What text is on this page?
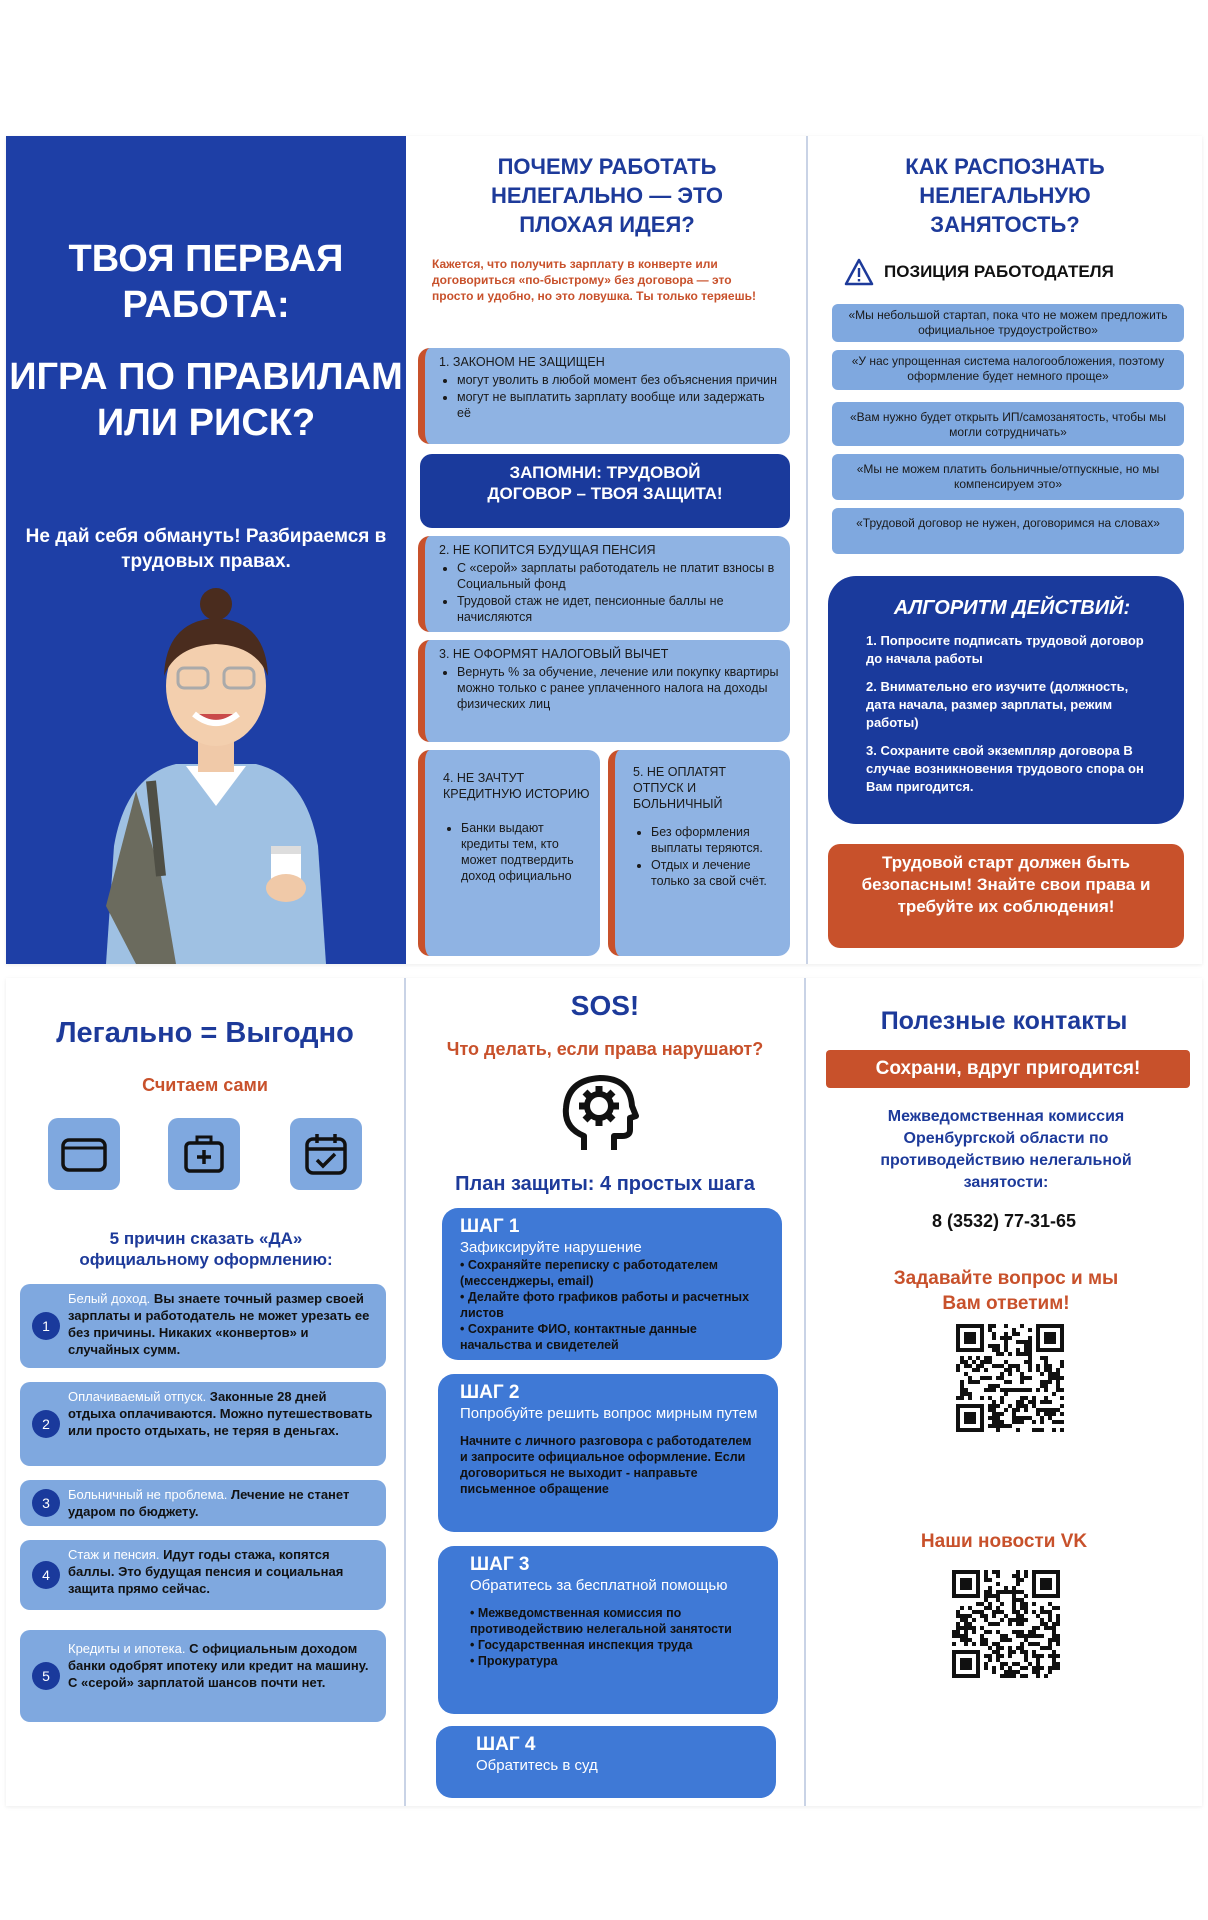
ТВОЯ ПЕРВАЯ РАБОТА:
ИГРА ПО ПРАВИЛАМ ИЛИ РИСК?
Не дай себя обмануть! Разбираемся в трудовых правах.
ПОЧЕМУ РАБОТАТЬ НЕЛЕГАЛЬНО — ЭТО ПЛОХАЯ ИДЕЯ?
Кажется, что получить зарплату в конверте или договориться «по-быстрому» без договора — это просто и удобно, но это ловушка. Ты только теряешь!
1. ЗАКОНОМ НЕ ЗАЩИЩЕН
• могут уволить в любой момент без объяснения причин
• могут не выплатить зарплату вообще или задержать её
ЗАПОМНИ: ТРУДОВОЙ ДОГОВОР – ТВОЯ ЗАЩИТА!
2. НЕ КОПИТСЯ БУДУЩАЯ ПЕНСИЯ
• С «серой» зарплаты работодатель не платит взносы в Социальный фонд
• Трудовой стаж не идет, пенсионные баллы не начисляются
3. НЕ ОФОРМЯТ НАЛОГОВЫЙ ВЫЧЕТ
• Вернуть % за обучение, лечение или покупку квартиры можно только с ранее уплаченного налога на доходы физических лиц
4. НЕ ЗАЧТУТ КРЕДИТНУЮ ИСТОРИЮ
• Банки выдают кредиты тем, кто может подтвердить доход официально
5. НЕ ОПЛАТЯТ ОТПУСК И БОЛЬНИЧНЫЙ
• Без оформления выплаты теряются.
• Отдых и лечение только за свой счёт.
КАК РАСПОЗНАТЬ НЕЛЕГАЛЬНУЮ ЗАНЯТОСТЬ?
ПОЗИЦИЯ РАБОТОДАТЕЛЯ
«Мы небольшой стартап, пока что не можем предложить официальное трудоустройство»
«У нас упрощенная система налогообложения, поэтому оформление будет немного проще»
«Вам нужно будет открыть ИП/самозанятость, чтобы мы могли сотрудничать»
«Мы не можем платить больничные/отпускные, но мы компенсируем это»
«Трудовой договор не нужен, договоримся на словах»
АЛГОРИТМ ДЕЙСТВИЙ:
1. Попросите подписать трудовой договор до начала работы
2. Внимательно его изучите (должность, дата начала, размер зарплаты, режим работы)
3. Сохраните свой экземпляр договора В случае возникновения трудового спора он Вам пригодится.
Трудовой старт должен быть безопасным! Знайте свои права и требуйте их соблюдения!
Легально = Выгодно
Считаем сами
5 причин сказать «ДА» официальному оформлению:
1
Белый доход. Вы знаете точный размер своей зарплаты и работодатель не может урезать ее без причины. Никаких «конвертов» и случайных сумм.
2
Оплачиваемый отпуск. Законные 28 дней отдыха оплачиваются. Можно путешествовать или просто отдыхать, не теряя в деньгах.
3
Больничный не проблема. Лечение не станет ударом по бюджету.
4
Стаж и пенсия. Идут годы стажа, копятся баллы. Это будущая пенсия и социальная защита прямо сейчас.
5
Кредиты и ипотека. С официальным доходом банки одобрят ипотеку или кредит на машину. С «серой» зарплатой шансов почти нет.
SOS!
Что делать, если права нарушают?
План защиты: 4 простых шага
ШАГ 1
Зафиксируйте нарушение
• Сохраняйте переписку с работодателем (мессенджеры, email)
• Делайте фото графиков работы и расчетных листов
• Сохраните ФИО, контактные данные начальства и свидетелей
ШАГ 2
Попробуйте решить вопрос мирным путем
Начните с личного разговора с работодателем и запросите официальное оформление. Если договориться не выходит - направьте письменное обращение
ШАГ 3
Обратитесь за бесплатной помощью
• Межведомственная комиссия по противодействию нелегальной занятости
• Государственная инспекция труда
• Прокуратура
ШАГ 4
Обратитесь в суд
Полезные контакты
Сохрани, вдруг пригодится!
Межведомственная комиссия Оренбургской области по противодействию нелегальной занятости:
8 (3532) 77-31-65
Задавайте вопрос и мы Вам ответим!
Наши новости VK
